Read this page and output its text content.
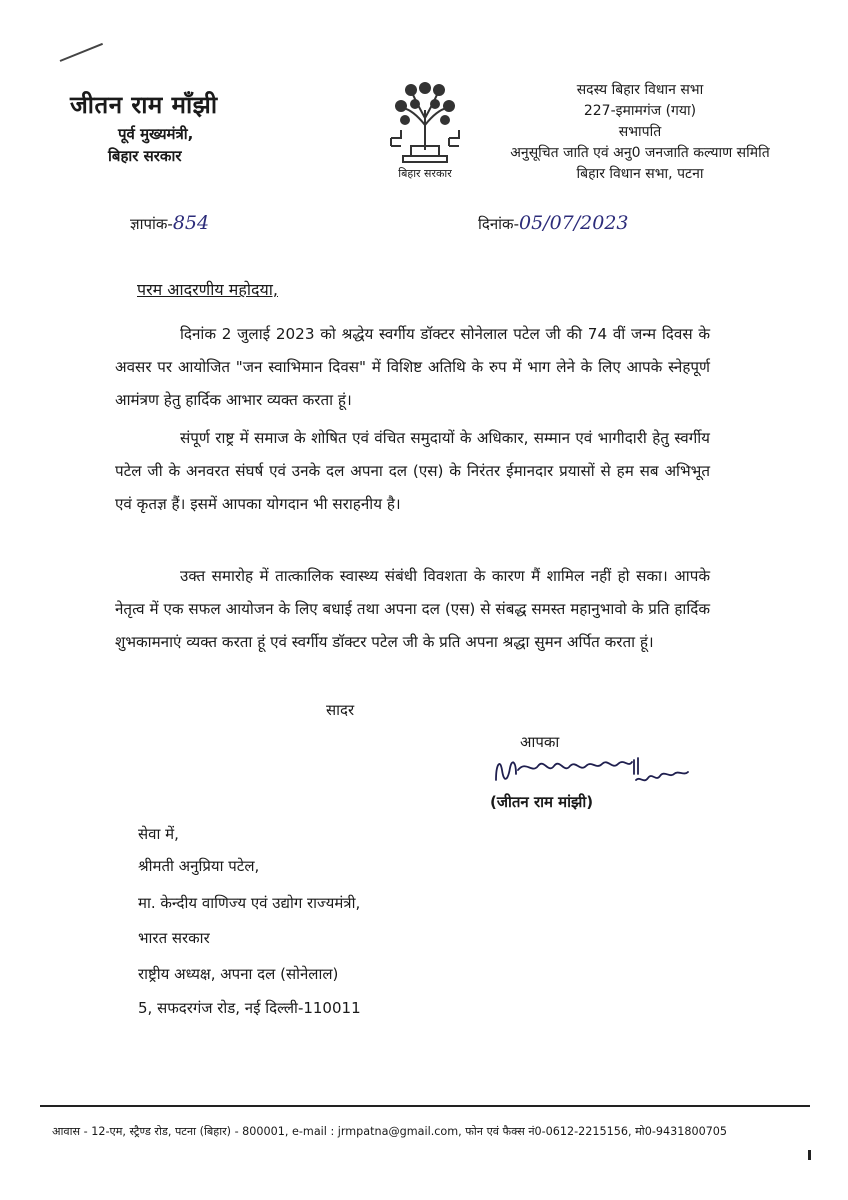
जीतन राम माँझी
पूर्व मुख्यमंत्री,
बिहार सरकार
बिहार सरकार
सदस्य बिहार विधान सभा
227-इमामगंज (गया)
सभापति
अनुसूचित जाति एवं अनु0 जनजाति कल्याण समिति
बिहार विधान सभा, पटना
ज्ञापांक-854	दिनांक-05/07/2023
परम आदरणीय महोदया,
दिनांक 2 जुलाई 2023 को श्रद्धेय स्वर्गीय डॉक्टर सोनेलाल पटेल जी की 74 वीं जन्म दिवस के अवसर पर आयोजित "जन स्वाभिमान दिवस" में विशिष्ट अतिथि के रुप में भाग लेने के लिए आपके स्नेहपूर्ण आमंत्रण हेतु हार्दिक आभार व्यक्त करता हूं।
संपूर्ण राष्ट्र में समाज के शोषित एवं वंचित समुदायों के अधिकार, सम्मान एवं भागीदारी हेतु स्वर्गीय पटेल जी के अनवरत संघर्ष एवं उनके दल अपना दल (एस) के निरंतर ईमानदार प्रयासों से हम सब अभिभूत एवं कृतज्ञ हैं। इसमें आपका योगदान भी सराहनीय है।
उक्त समारोह में तात्कालिक स्वास्थ्य संबंधी विवशता के कारण मैं शामिल नहीं हो सका। आपके नेतृत्व में एक सफल आयोजन के लिए बधाई तथा अपना दल (एस) से संबद्ध समस्त महानुभावो के प्रति हार्दिक शुभकामनाएं व्यक्त करता हूं एवं स्वर्गीय डॉक्टर पटेल जी के प्रति अपना श्रद्धा सुमन अर्पित करता हूं।
सादर
आपका
(जीतन राम मांझी)
सेवा में,
श्रीमती अनुप्रिया पटेल,
मा. केन्दीय वाणिज्य एवं उद्योग राज्यमंत्री,
भारत सरकार
राष्ट्रीय अध्यक्ष, अपना दल (सोनेलाल)
5, सफदरगंज रोड, नई दिल्ली-110011
आवास - 12-एम, स्ट्रैण्ड रोड, पटना (बिहार) - 800001, e-mail : jrmpatna@gmail.com, फोन एवं फैक्स नं0-0612-2215156, मो0-9431800705
